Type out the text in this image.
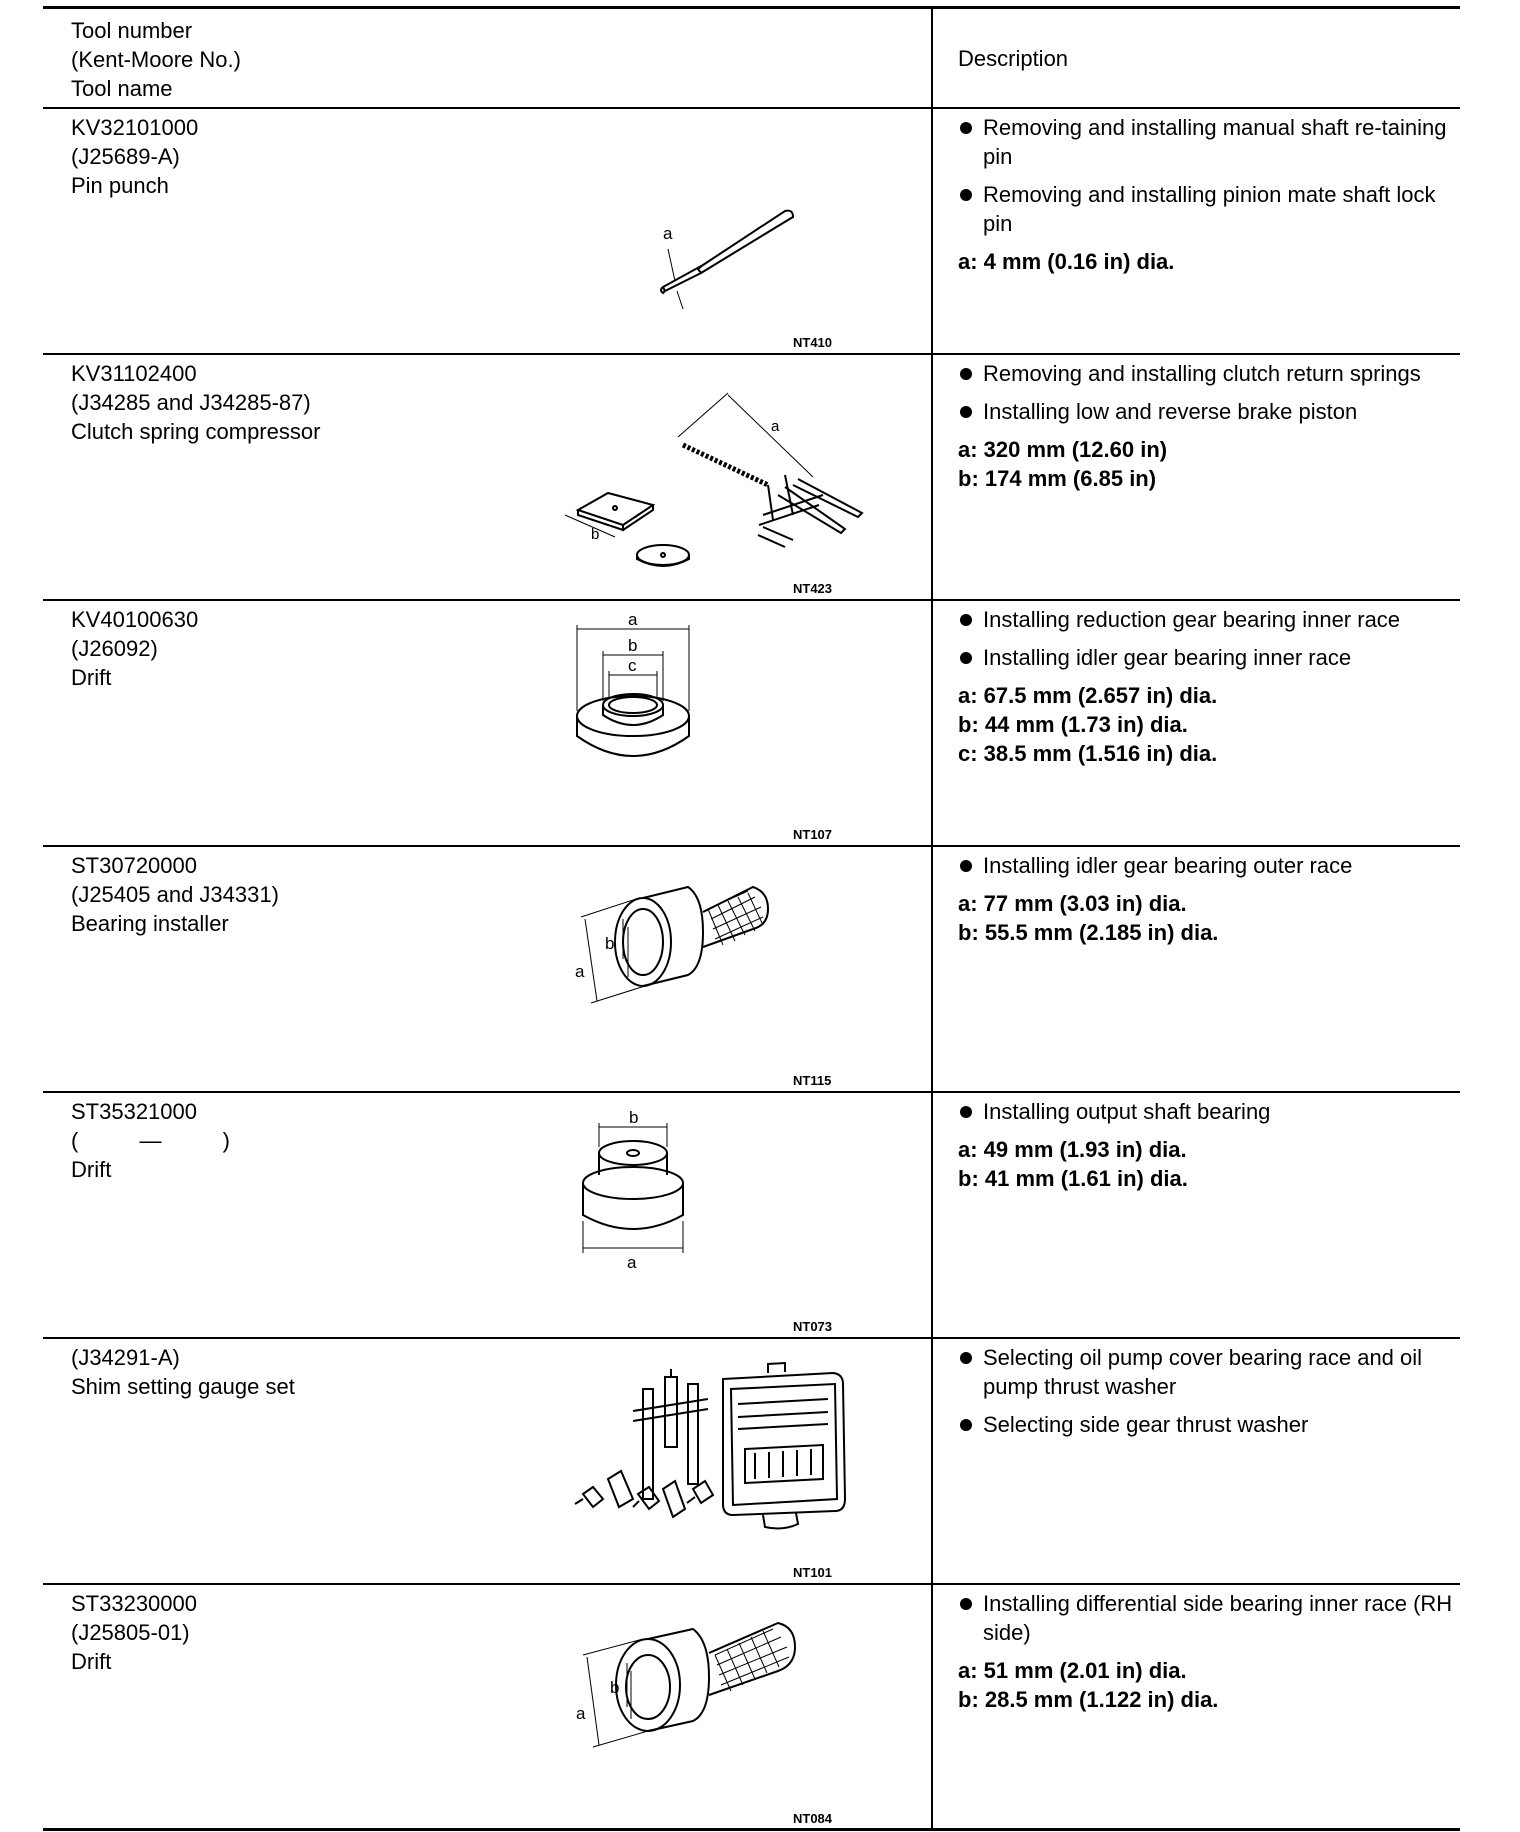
Tool number
(Kent-Moore No.)
Tool name
Description
KV32101000
(J25689-A)
Pin punch
a
NT410
Removing and installing manual shaft re-taining pin
Removing and installing pinion mate shaft lock pin
a: 4 mm (0.16 in) dia.
KV31102400
(J34285 and J34285-87)
Clutch spring compressor	a
b
NT423
Removing and installing clutch return springs
Installing low and reverse brake piston
a: 320 mm (12.60 in)
b: 174 mm (6.85 in)
KV40100630
(J26092)
Drift
a
b
c
NT107
Installing reduction gear bearing inner race
Installing idler gear bearing inner race
a: 67.5 mm (2.657 in) dia.
b: 44 mm (1.73 in) dia.
c: 38.5 mm (1.516 in) dia.
ST30720000
(J25405 and J34331)
Bearing installer
a
b
NT115
Installing idler gear bearing outer race
a: 77 mm (3.03 in) dia.
b: 55.5 mm (2.185 in) dia.
ST35321000
(          —          )
Drift
b
a
NT073
Installing output shaft bearing
a: 49 mm (1.93 in) dia.
b: 41 mm (1.61 in) dia.
(J34291-A)
Shim setting gauge set
NT101
Selecting oil pump cover bearing race and oil pump thrust washer
Selecting side gear thrust washer
ST33230000
(J25805-01)
Drift
a
b
NT084
Installing differential side bearing inner race (RH side)
a: 51 mm (2.01 in) dia.
b: 28.5 mm (1.122 in) dia.
